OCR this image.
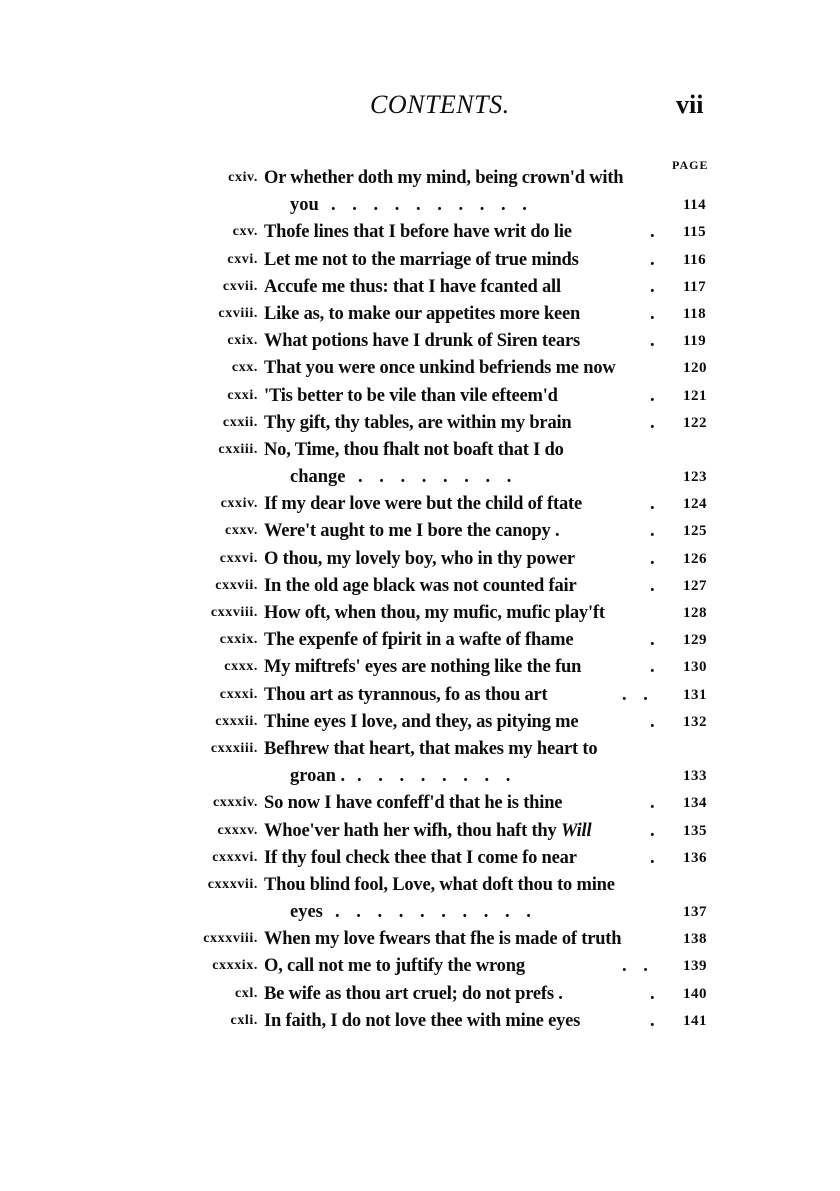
CONTENTS.	vii
PAGE
cxiv. Or whether doth my mind, being crown'd with
you . . . . . . . . . .	114
cxv. Thofe lines that I before have writ do lie	. 115
cxvi. Let me not to the marriage of true minds	. 116
cxvii. Accufe me thus: that I have fcanted all	. 117
cxviii. Like as, to make our appetites more keen	. 118
cxix. What potions have I drunk of Siren tears	. 119
cxx. That you were once unkind befriends me now	120
cxxi. 'Tis better to be vile than vile efteem'd	. 121
cxxii. Thy gift, thy tables, are within my brain	. 122
cxxiii. No, Time, thou fhalt not boaft that I do
change . . . . . . . .	123
cxxiv. If my dear love were but the child of ftate	. 124
cxxv. Were't aught to me I bore the canopy .	. 125
cxxvi. O thou, my lovely boy, who in thy power	. 126
cxxvii. In the old age black was not counted fair	. 127
cxxviii. How oft, when thou, my mufic, mufic play'ft	128
cxxix. The expenfe of fpirit in a wafte of fhame	. 129
cxxx. My miftrefs' eyes are nothing like the fun	. 130
cxxxi. Thou art as tyrannous, fo as thou art	. . 131
cxxxii. Thine eyes I love, and they, as pitying me	. 132
cxxxiii. Befhrew that heart, that makes my heart to
groan . . . . . . . . .	133
cxxxiv. So now I have confeff'd that he is thine	. 134
cxxxv. Whoe'ver hath her wifh, thou haft thy Will	. 135
cxxxvi. If thy foul check thee that I come fo near	. 136
cxxxvii. Thou blind fool, Love, what doft thou to mine
eyes . . . . . . . . . .	137
cxxxviii. When my love fwears that fhe is made of truth	138
cxxxix. O, call not me to juftify the wrong	. . 139
cxl. Be wife as thou art cruel; do not prefs .	. 140
cxli. In faith, I do not love thee with mine eyes	. 141
